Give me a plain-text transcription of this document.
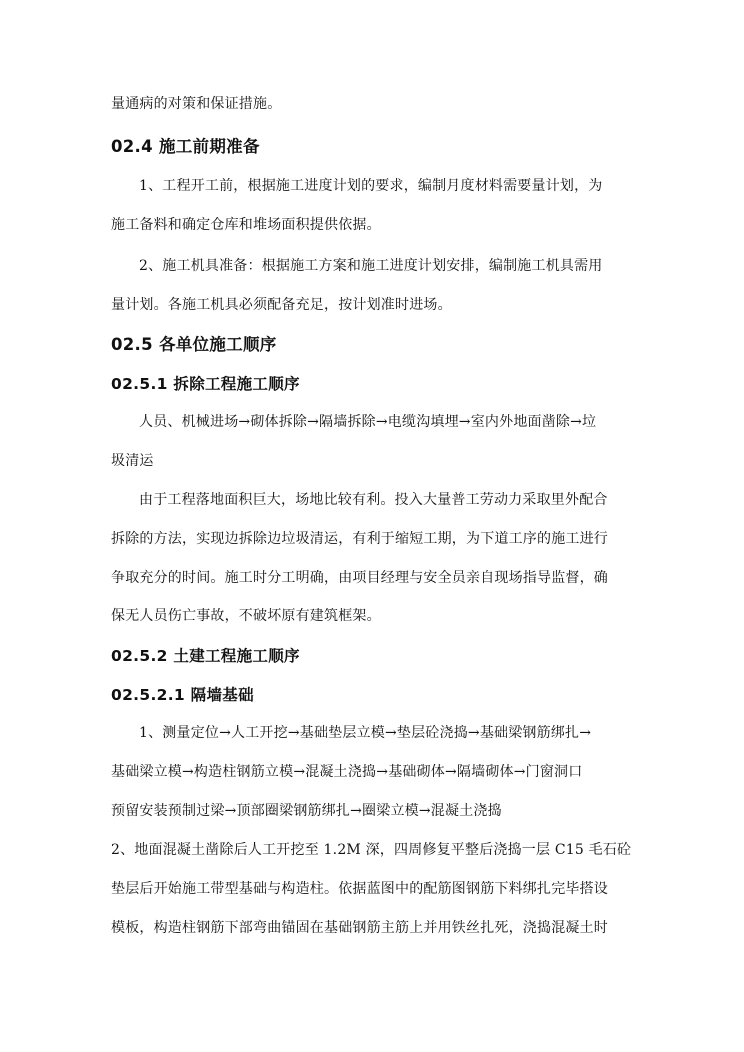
量通病的对策和保证措施。
02.4 施工前期准备
1、工程开工前，根据施工进度计划的要求，编制月度材料需要量计划，为
施工备料和确定仓库和堆场面积提供依据。
2、施工机具准备：根据施工方案和施工进度计划安排，编制施工机具需用
量计划。各施工机具必须配备充足，按计划准时进场。
02.5 各单位施工顺序
02.5.1 拆除工程施工顺序
人员、机械进场→砌体拆除→隔墙拆除→电缆沟填埋→室内外地面凿除→垃
圾清运
由于工程落地面积巨大，场地比较有利。投入大量普工劳动力采取里外配合
拆除的方法，实现边拆除边垃圾清运，有利于缩短工期，为下道工序的施工进行
争取充分的时间。施工时分工明确，由项目经理与安全员亲自现场指导监督，确
保无人员伤亡事故，不破坏原有建筑框架。
02.5.2 土建工程施工顺序
02.5.2.1 隔墙基础
1、测量定位→人工开挖→基础垫层立模→垫层砼浇捣→基础梁钢筋绑扎→
基础梁立模→构造柱钢筋立模→混凝土浇捣→基础砌体→隔墙砌体→门窗洞口
预留安装预制过梁→顶部圈梁钢筋绑扎→圈梁立模→混凝土浇捣
2、地面混凝土凿除后人工开挖至 1.2M 深，四周修复平整后浇捣一层 C15 毛石砼
垫层后开始施工带型基础与构造柱。依据蓝图中的配筋图钢筋下料绑扎完毕搭设
模板，构造柱钢筋下部弯曲锚固在基础钢筋主筋上并用铁丝扎死，浇捣混凝土时
